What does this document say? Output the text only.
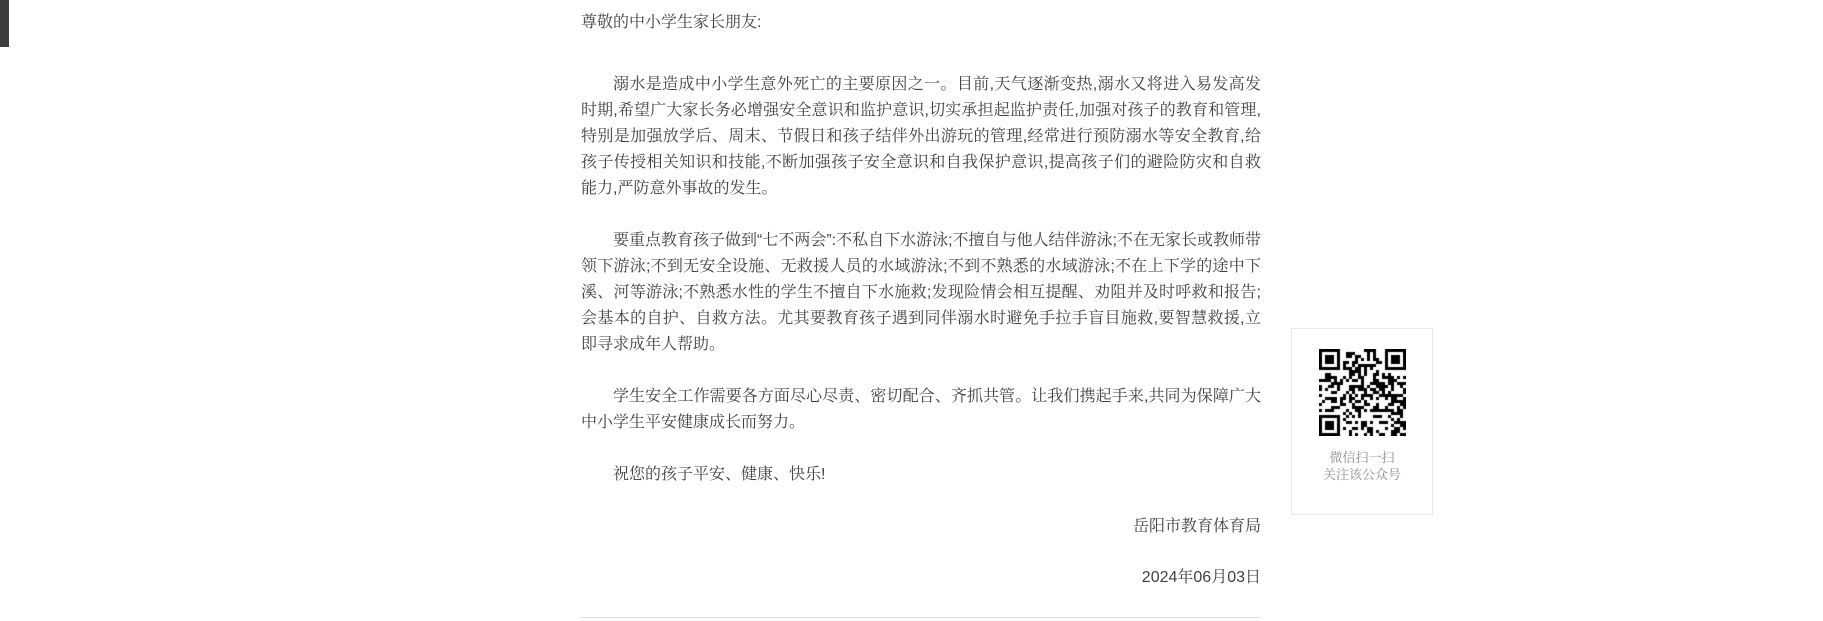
尊敬的中小学生家长朋友:

溺水是造成中小学生意外死亡的主要原因之一。目前,天气逐渐变热,溺水又将进入易发高发时期,希望广大家长务必增强安全意识和监护意识,切实承担起监护责任,加强对孩子的教育和管理,特别是加强放学后、周末、节假日和孩子结伴外出游玩的管理,经常进行预防溺水等安全教育,给孩子传授相关知识和技能,不断加强孩子安全意识和自我保护意识,提高孩子们的避险防灾和自救能力,严防意外事故的发生。

要重点教育孩子做到“七不两会”:不私自下水游泳;不擅自与他人结伴游泳;不在无家长或教师带领下游泳;不到无安全设施、无救援人员的水域游泳;不到不熟悉的水域游泳;不在上下学的途中下溪、河等游泳;不熟悉水性的学生不擅自下水施救;发现险情会相互提醒、劝阻并及时呼救和报告;会基本的自护、自救方法。尤其要教育孩子遇到同伴溺水时避免手拉手盲目施救,要智慧救援,立即寻求成年人帮助。

学生安全工作需要各方面尽心尽责、密切配合、齐抓共管。让我们携起手来,共同为保障广大中小学生平安健康成长而努力。

祝您的孩子平安、健康、快乐!

岳阳市教育体育局

2024年06月03日

微信扫一扫
关注该公众号
